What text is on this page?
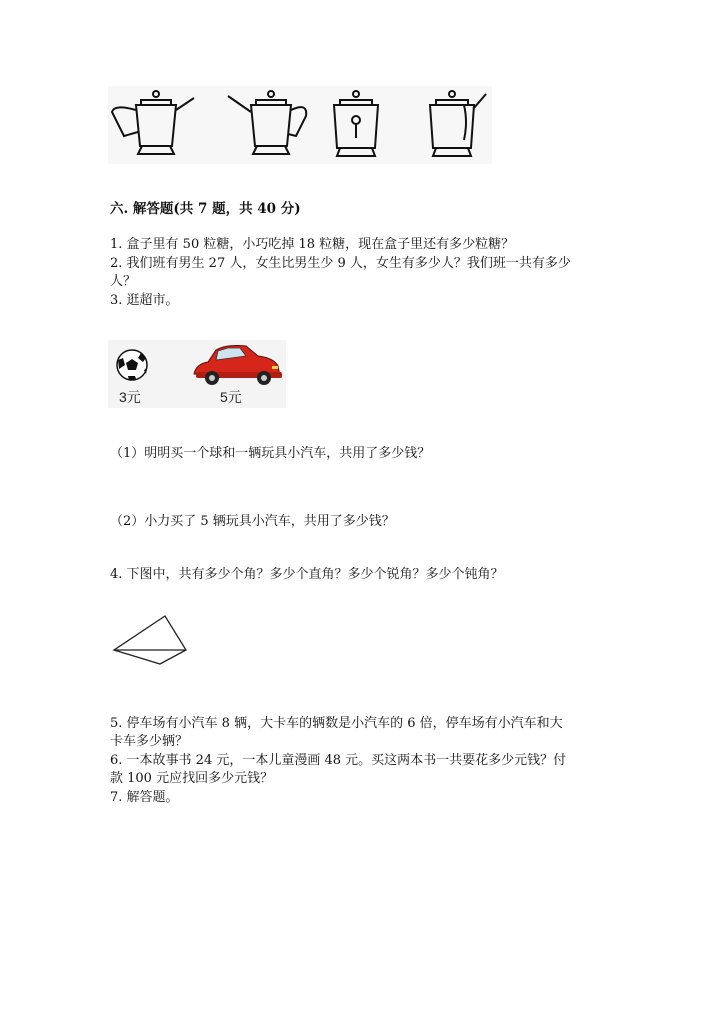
六. 解答题(共 7 题，共 40 分)
1. 盒子里有 50 粒糖，小巧吃掉 18 粒糖，现在盒子里还有多少粒糖？
2. 我们班有男生 27 人，女生比男生少 9 人，女生有多少人？我们班一共有多少
人？
3. 逛超市。
3元	5元
（1）明明买一个球和一辆玩具小汽车，共用了多少钱？
（2）小力买了 5 辆玩具小汽车，共用了多少钱？
4. 下图中，共有多少个角？多少个直角？多少个锐角？多少个钝角？
5. 停车场有小汽车 8 辆，大卡车的辆数是小汽车的 6 倍，停车场有小汽车和大
卡车多少辆？
6. 一本故事书 24 元，一本儿童漫画 48 元。买这两本书一共要花多少元钱？付
款 100 元应找回多少元钱？
7. 解答题。
